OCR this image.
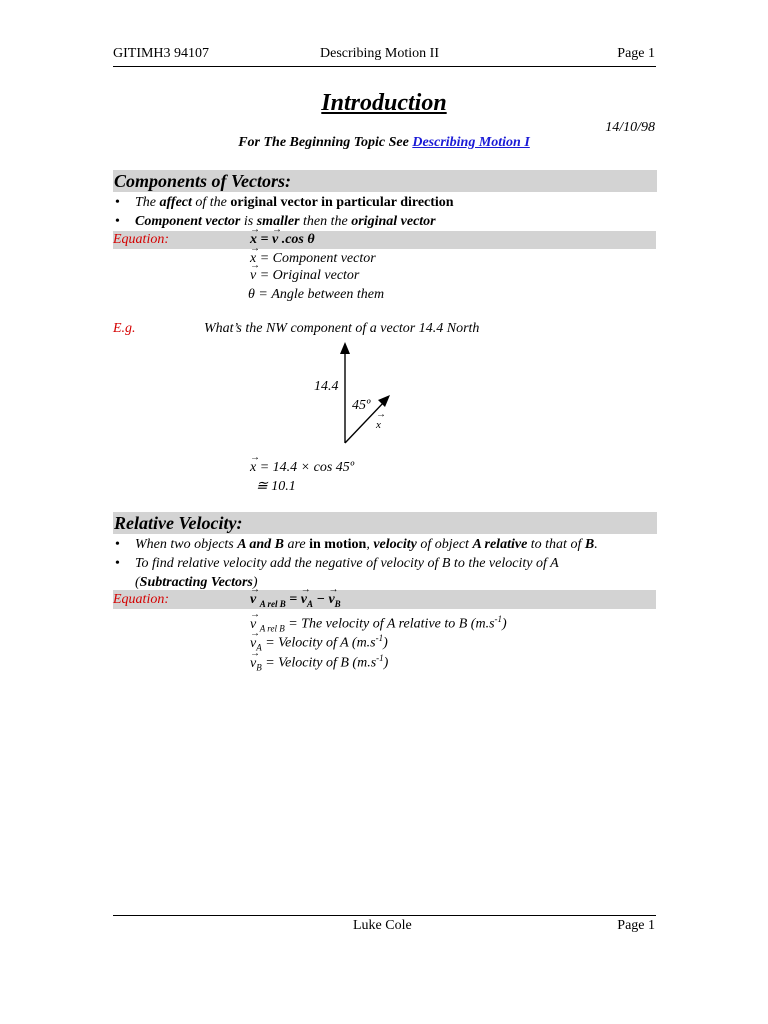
GITIMH3 94107	Describing Motion II	Page 1
Introduction
14/10/98
For The Beginning Topic See Describing Motion I
Components of Vectors:
• The affect of the original vector in particular direction
• Component vector is smaller then the original vector
Equation:	x → = v → .cos θ
x → = Component vector
v → = Original vector
θ = Angle between them
E.g.	What’s the NW component of a vector 14.4 North
14.4
45º
x →
x → = 14.4 × cos 45º
≅ 10.1
Relative Velocity:
• When two objects A and B are in motion, velocity of object A relative to that of B.
• To find relative velocity add the negative of velocity of B to the velocity of A
(Subtracting Vectors)
Equation:	$v \to _{A rel B} = v \to_A - v \to_B$
v → $_{A rel B}$ = The velocity of A relative to B $(m.s^{-1})$
$v \to_A$ = Velocity of A $(m.s^{-1})$
$v \to_B$ = Velocity of B $(m.s^{-1})$
Luke Cole	Page 1
